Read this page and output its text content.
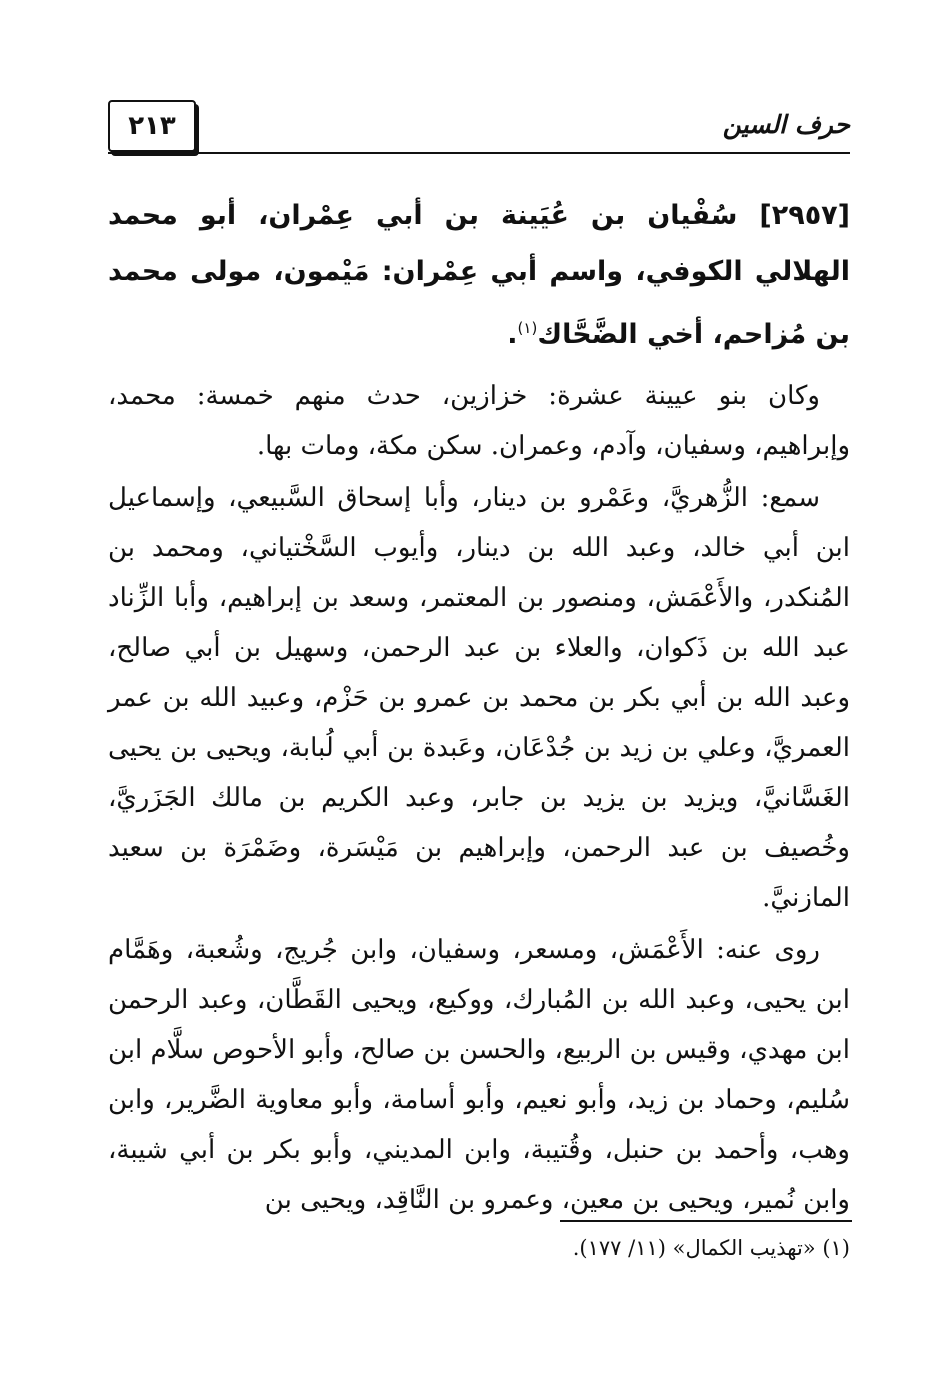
٢١٣	حرف السين

[٢٩٥٧] سُفْيان بن عُيَينة بن أبي عِمْران، أبو محمد الهلالي الكوفي، واسم أبي عِمْران: مَيْمون، مولى محمد بن مُزاحم، أخي الضَّحَّاك$^{(١)}$.

وكان بنو عيينة عشرة: خزازين، حدث منهم خمسة: محمد، وإبراهيم، وسفيان، وآدم، وعمران. سكن مكة، ومات بها.

سمع: الزُّهريَّ، وعَمْرو بن دينار، وأبا إسحاق السَّبيعي، وإسماعيل ابن أبي خالد، وعبد الله بن دينار، وأيوب السَّخْتياني، ومحمد بن المُنكدر، والأَعْمَش، ومنصور بن المعتمر، وسعد بن إبراهيم، وأبا الزِّناد عبد الله بن ذَكوان، والعلاء بن عبد الرحمن، وسهيل بن أبي صالح، وعبد الله بن أبي بكر بن محمد بن عمرو بن حَزْم، وعبيد الله بن عمر العمريَّ، وعلي بن زيد بن جُدْعَان، وعَبدة بن أبي لُبابة، ويحيى بن يحيى الغَسَّانيَّ، ويزيد بن يزيد بن جابر، وعبد الكريم بن مالك الجَزَريَّ، وخُصيف بن عبد الرحمن، وإبراهيم بن مَيْسَرة، وضَمْرَة بن سعيد المازنيَّ.

روى عنه: الأَعْمَش، ومسعر، وسفيان، وابن جُريج، وشُعبة، وهَمَّام ابن يحيى، وعبد الله بن المُبارك، ووكيع، ويحيى القَطَّان، وعبد الرحمن ابن مهدي، وقيس بن الربيع، والحسن بن صالح، وأبو الأحوص سلَّام ابن سُليم، وحماد بن زيد، وأبو نعيم، وأبو أسامة، وأبو معاوية الضَّرير، وابن وهب، وأحمد بن حنبل، وقُتيبة، وابن المديني، وأبو بكر بن أبي شيبة، وابن نُمير، ويحيى بن معين، وعمرو بن النَّاقِد، ويحيى بن

(١) «تهذيب الكمال» (١١/ ١٧٧).
